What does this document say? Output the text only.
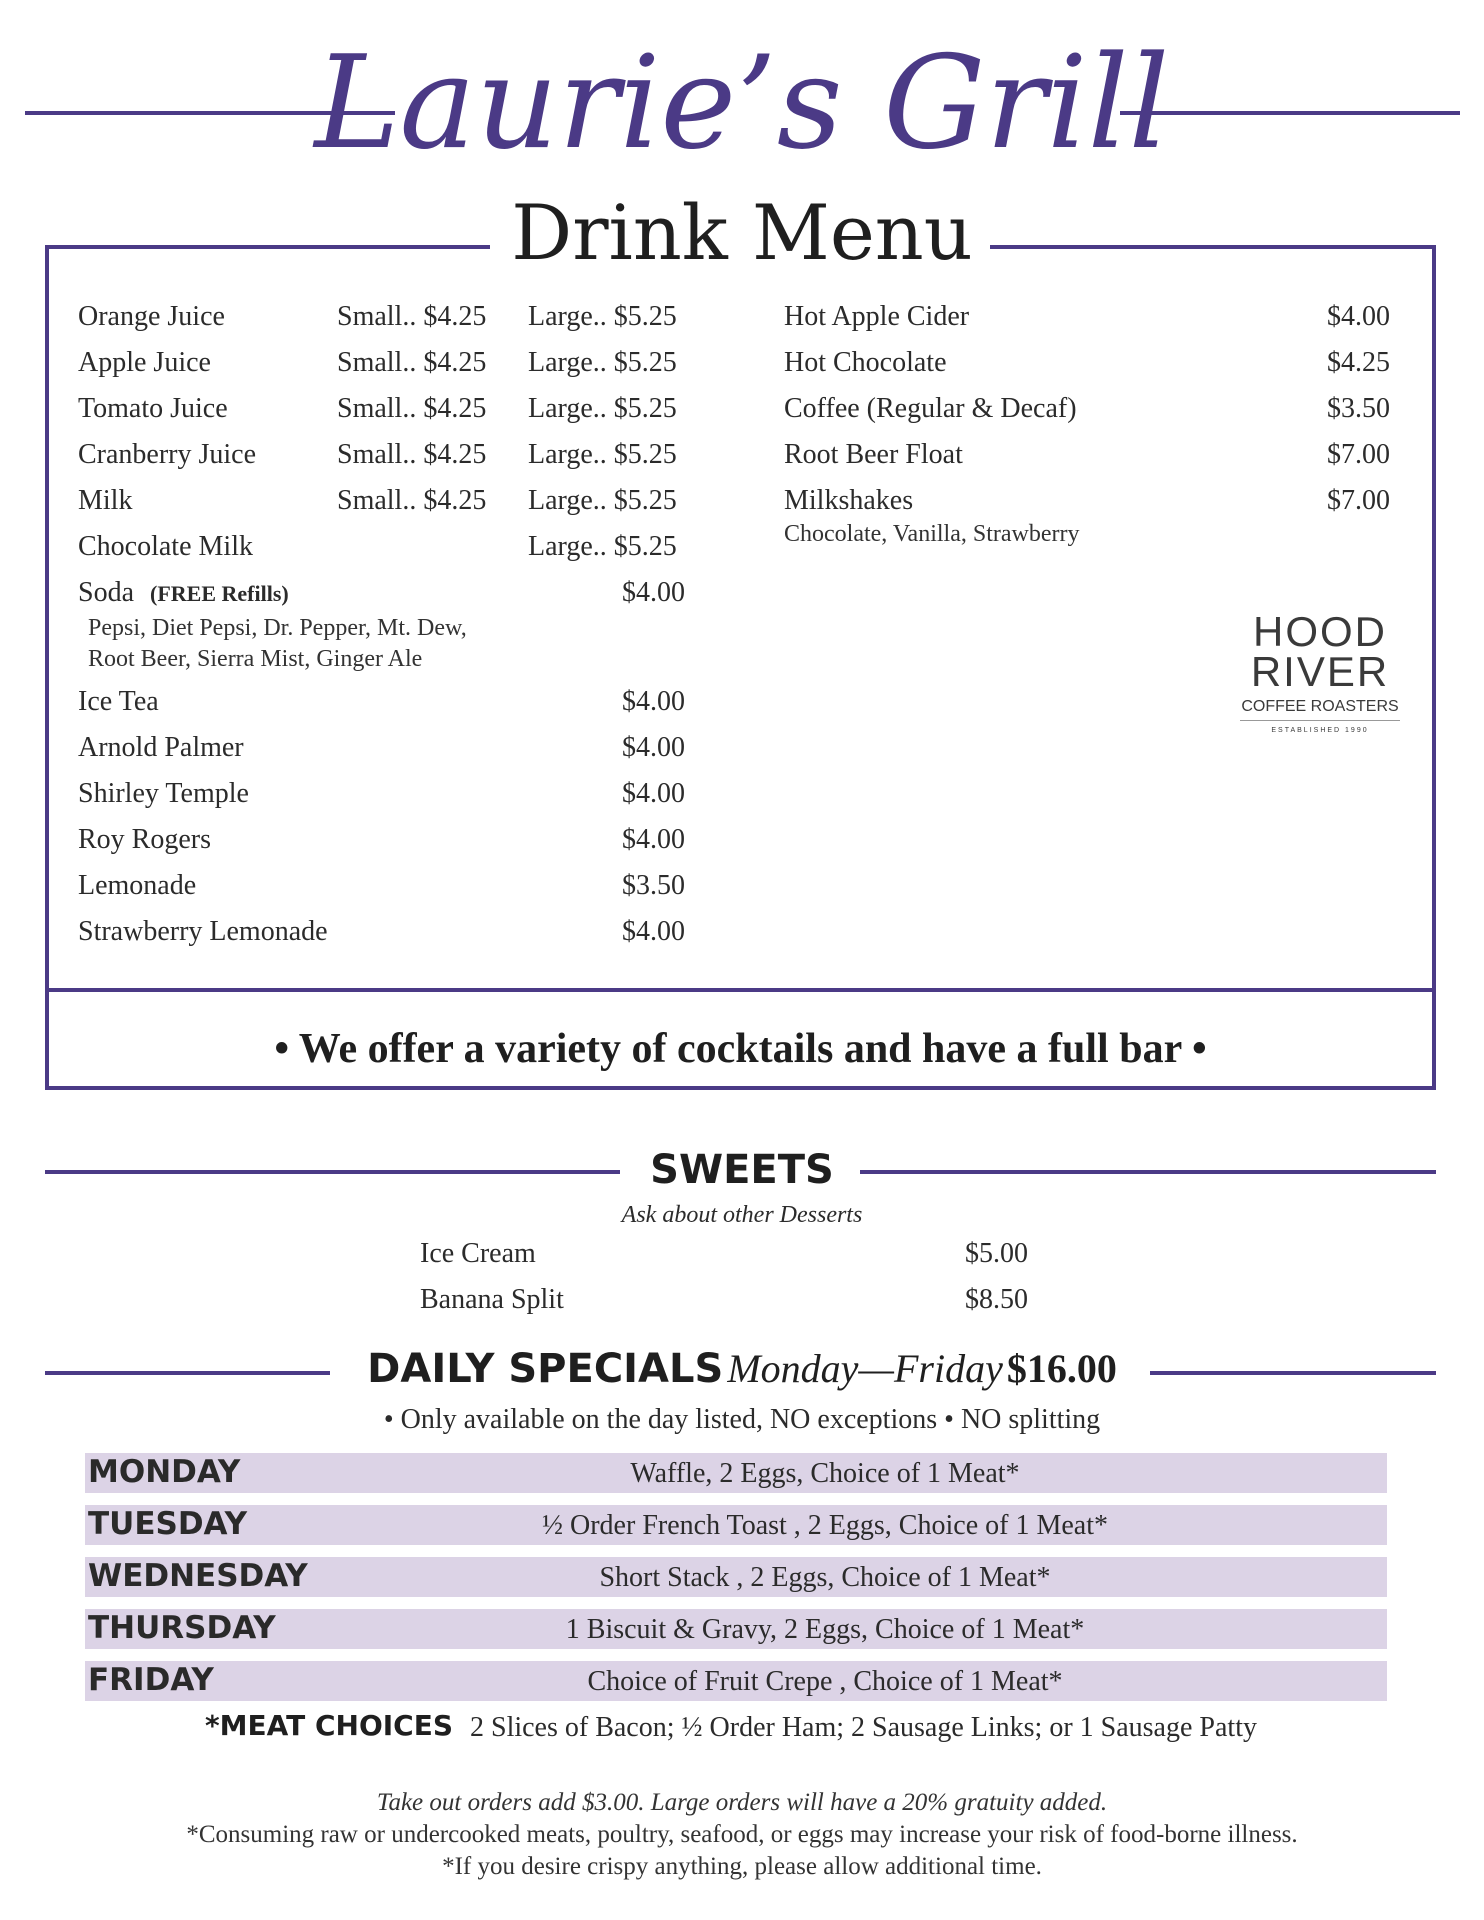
Laurie’s Grill
Drink Menu
Orange Juice	Small.. $4.25 Large.. $5.25
Apple Juice	Small.. $4.25 Large.. $5.25
Tomato Juice	Small.. $4.25 Large.. $5.25
Cranberry Juice	Small.. $4.25 Large.. $5.25
Milk	Small.. $4.25 Large.. $5.25
Chocolate Milk	Large.. $5.25
Soda (FREE Refills)	$4.00
Pepsi, Diet Pepsi, Dr. Pepper, Mt. Dew,
Root Beer, Sierra Mist, Ginger Ale
Ice Tea	$4.00
Arnold Palmer	$4.00
Shirley Temple	$4.00
Roy Rogers	$4.00
Lemonade	$3.50
Strawberry Lemonade	$4.00
Hot Apple Cider	$4.00
Hot Chocolate	$4.25
Coffee (Regular & Decaf)	$3.50
Root Beer Float	$7.00
Milkshakes	$7.00
Chocolate, Vanilla, Strawberry
HOOD
RIVER
COFFEE ROASTERS
ESTABLISHED 1990
• We offer a variety of cocktails and have a full bar •
SWEETS
Ask about other Desserts
Ice Cream	$5.00
Banana Split	$8.50
DAILY SPECIALS Monday—Friday $16.00
• Only available on the day listed, NO exceptions • NO splitting
MONDAY	Waffle, 2 Eggs, Choice of 1 Meat*
TUESDAY	½ Order French Toast , 2 Eggs, Choice of 1 Meat*
WEDNESDAY	Short Stack , 2 Eggs, Choice of 1 Meat*
THURSDAY	1 Biscuit & Gravy, 2 Eggs, Choice of 1 Meat*
FRIDAY	Choice of Fruit Crepe , Choice of 1 Meat*
*MEAT CHOICES 2 Slices of Bacon; ½ Order Ham; 2 Sausage Links; or 1 Sausage Patty
Take out orders add $3.00. Large orders will have a 20% gratuity added.
*Consuming raw or undercooked meats, poultry, seafood, or eggs may increase your risk of food-borne illness.
*If you desire crispy anything, please allow additional time.
